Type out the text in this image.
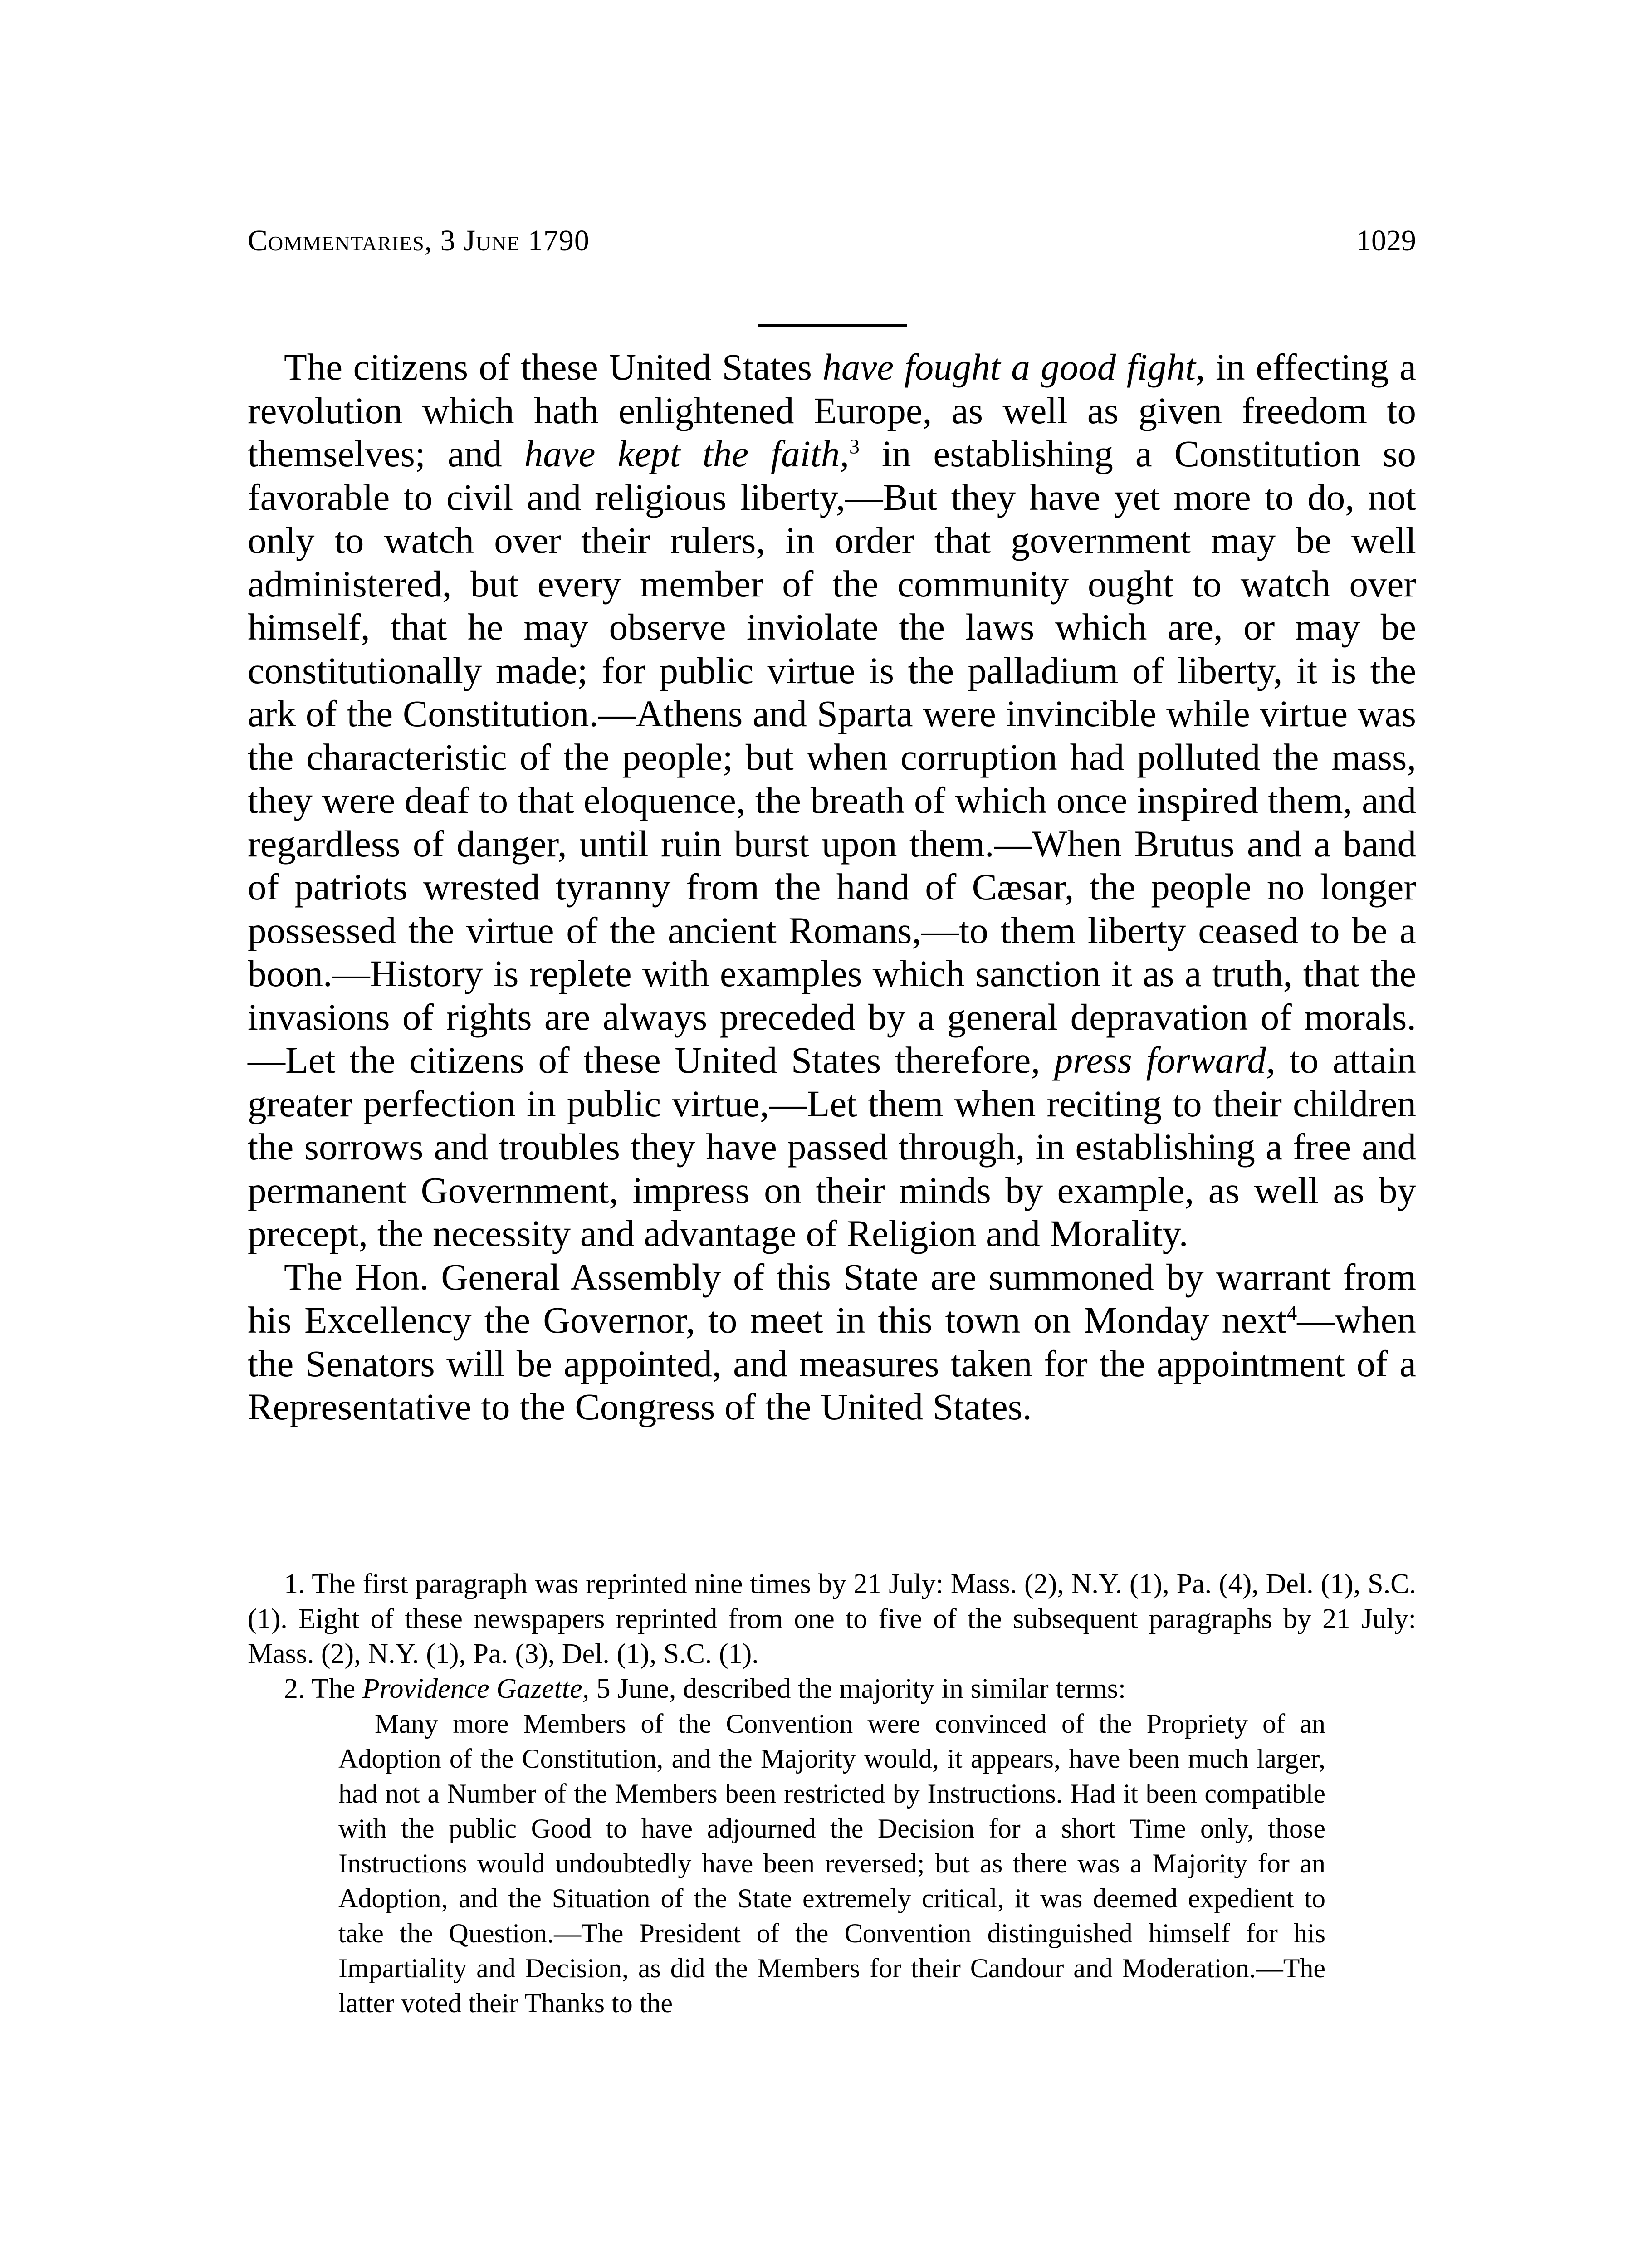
Commentaries, 3 June 1790	1029

The citizens of these United States have fought a good fight, in effecting a revolution which hath enlightened Europe, as well as given freedom to themselves; and have kept the faith,$^3$ in establishing a Constitution so favorable to civil and religious liberty,—But they have yet more to do, not only to watch over their rulers, in order that government may be well administered, but every member of the community ought to watch over himself, that he may observe inviolate the laws which are, or may be constitutionally made; for public virtue is the palladium of liberty, it is the ark of the Constitution.—Athens and Sparta were invincible while virtue was the characteristic of the people; but when corruption had polluted the mass, they were deaf to that eloquence, the breath of which once inspired them, and regardless of danger, until ruin burst upon them.—When Brutus and a band of patriots wrested tyranny from the hand of Cæsar, the people no longer possessed the virtue of the ancient Romans,—to them liberty ceased to be a boon.—History is replete with examples which sanction it as a truth, that the invasions of rights are always preceded by a general depravation of morals.—Let the citizens of these United States therefore, press forward, to attain greater perfection in public virtue,—Let them when reciting to their children the sorrows and troubles they have passed through, in establishing a free and permanent Government, impress on their minds by example, as well as by precept, the necessity and advantage of Religion and Morality.

The Hon. General Assembly of this State are summoned by warrant from his Excellency the Governor, to meet in this town on Monday next$^4$—when the Senators will be appointed, and measures taken for the appointment of a Representative to the Congress of the United States.

1. The first paragraph was reprinted nine times by 21 July: Mass. (2), N.Y. (1), Pa. (4), Del. (1), S.C. (1). Eight of these newspapers reprinted from one to five of the subsequent paragraphs by 21 July: Mass. (2), N.Y. (1), Pa. (3), Del. (1), S.C. (1).

2. The Providence Gazette, 5 June, described the majority in similar terms:

Many more Members of the Convention were convinced of the Propriety of an Adoption of the Constitution, and the Majority would, it appears, have been much larger, had not a Number of the Members been restricted by Instructions. Had it been compatible with the public Good to have adjourned the Decision for a short Time only, those Instructions would undoubtedly have been reversed; but as there was a Majority for an Adoption, and the Situation of the State extremely critical, it was deemed expedient to take the Question.—The President of the Convention distinguished himself for his Impartiality and Decision, as did the Members for their Candour and Moderation.—The latter voted their Thanks to the
